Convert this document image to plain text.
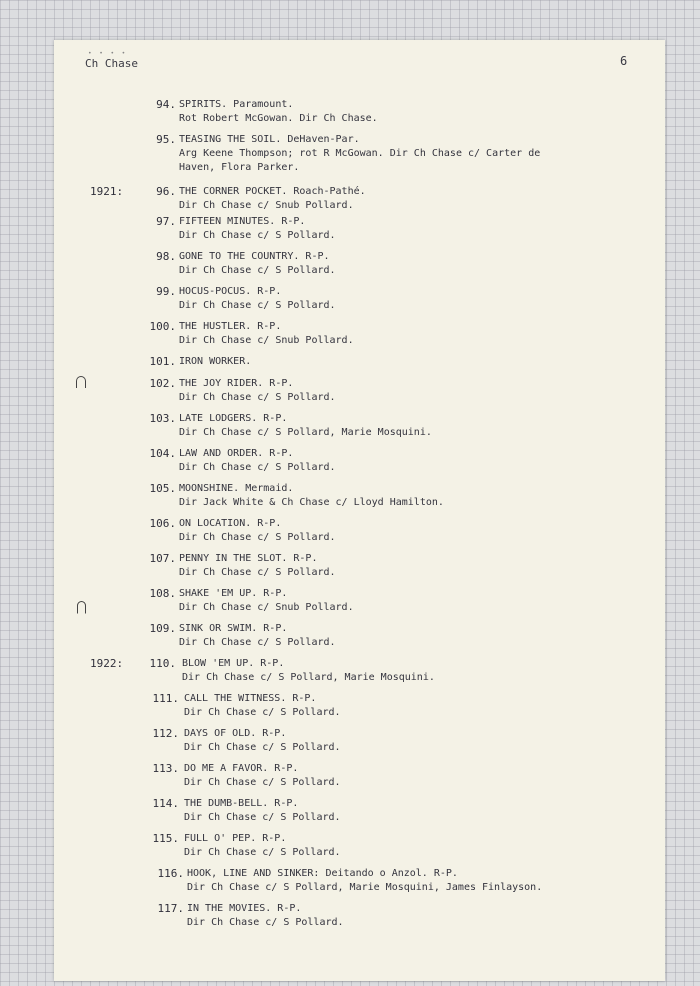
• • • •
Ch Chase	6
94. SPIRITS. Paramount.
Rot Robert McGowan. Dir Ch Chase.
95. TEASING THE SOIL. DeHaven-Par.
Arg Keene Thompson; rot R McGowan. Dir Ch Chase c/ Carter de
Haven, Flora Parker.
1921:	96. THE CORNER POCKET. Roach-Pathé.
Dir Ch Chase c/ Snub Pollard.
97. FIFTEEN MINUTES. R-P.
Dir Ch Chase c/ S Pollard.
98. GONE TO THE COUNTRY. R-P.
Dir Ch Chase c/ S Pollard.
99. HOCUS-POCUS. R-P.
Dir Ch Chase c/ S Pollard.
100. THE HUSTLER. R-P.
Dir Ch Chase c/ Snub Pollard.
101. IRON WORKER.
102. THE JOY RIDER. R-P.
Dir Ch Chase c/ S Pollard.
103. LATE LODGERS. R-P.
Dir Ch Chase c/ S Pollard, Marie Mosquini.
104. LAW AND ORDER. R-P.
Dir Ch Chase c/ S Pollard.
105. MOONSHINE. Mermaid.
Dir Jack White & Ch Chase c/ Lloyd Hamilton.
106. ON LOCATION. R-P.
Dir Ch Chase c/ S Pollard.
107. PENNY IN THE SLOT. R-P.
Dir Ch Chase c/ S Pollard.
108. SHAKE 'EM UP. R-P.
Dir Ch Chase c/ Snub Pollard.
109. SINK OR SWIM. R-P.
Dir Ch Chase c/ S Pollard.
1922:	110. BLOW 'EM UP. R-P.
Dir Ch Chase c/ S Pollard, Marie Mosquini.
111. CALL THE WITNESS. R-P.
Dir Ch Chase c/ S Pollard.
112. DAYS OF OLD. R-P.
Dir Ch Chase c/ S Pollard.
113. DO ME A FAVOR. R-P.
Dir Ch Chase c/ S Pollard.
114. THE DUMB-BELL. R-P.
Dir Ch Chase c/ S Pollard.
115. FULL O' PEP. R-P.
Dir Ch Chase c/ S Pollard.
116. HOOK, LINE AND SINKER: Deitando o Anzol. R-P.
Dir Ch Chase c/ S Pollard, Marie Mosquini, James Finlayson.
117. IN THE MOVIES. R-P.
Dir Ch Chase c/ S Pollard.
